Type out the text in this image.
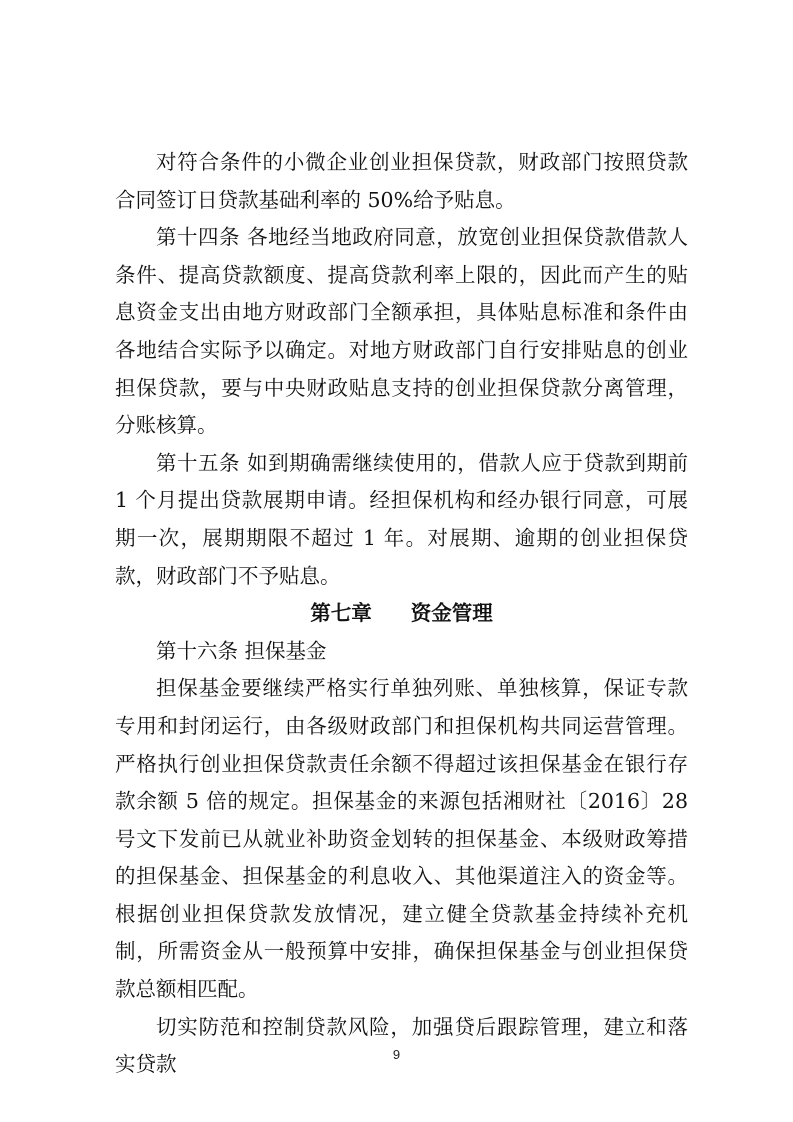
对符合条件的小微企业创业担保贷款，财政部门按照贷款合同签订日贷款基础利率的 50%给予贴息。

第十四条 各地经当地政府同意，放宽创业担保贷款借款人条件、提高贷款额度、提高贷款利率上限的，因此而产生的贴息资金支出由地方财政部门全额承担，具体贴息标准和条件由各地结合实际予以确定。对地方财政部门自行安排贴息的创业担保贷款，要与中央财政贴息支持的创业担保贷款分离管理，分账核算。

第十五条 如到期确需继续使用的，借款人应于贷款到期前 1 个月提出贷款展期申请。经担保机构和经办银行同意，可展期一次，展期期限不超过 1 年。对展期、逾期的创业担保贷款，财政部门不予贴息。

第七章 资金管理

第十六条 担保基金

担保基金要继续严格实行单独列账、单独核算，保证专款专用和封闭运行，由各级财政部门和担保机构共同运营管理。严格执行创业担保贷款责任余额不得超过该担保基金在银行存款余额 5 倍的规定。担保基金的来源包括湘财社〔2016〕28 号文下发前已从就业补助资金划转的担保基金、本级财政筹措的担保基金、担保基金的利息收入、其他渠道注入的资金等。根据创业担保贷款发放情况，建立健全贷款基金持续补充机制，所需资金从一般预算中安排，确保担保基金与创业担保贷款总额相匹配。

切实防范和控制贷款风险，加强贷后跟踪管理，建立和落实贷款	9
